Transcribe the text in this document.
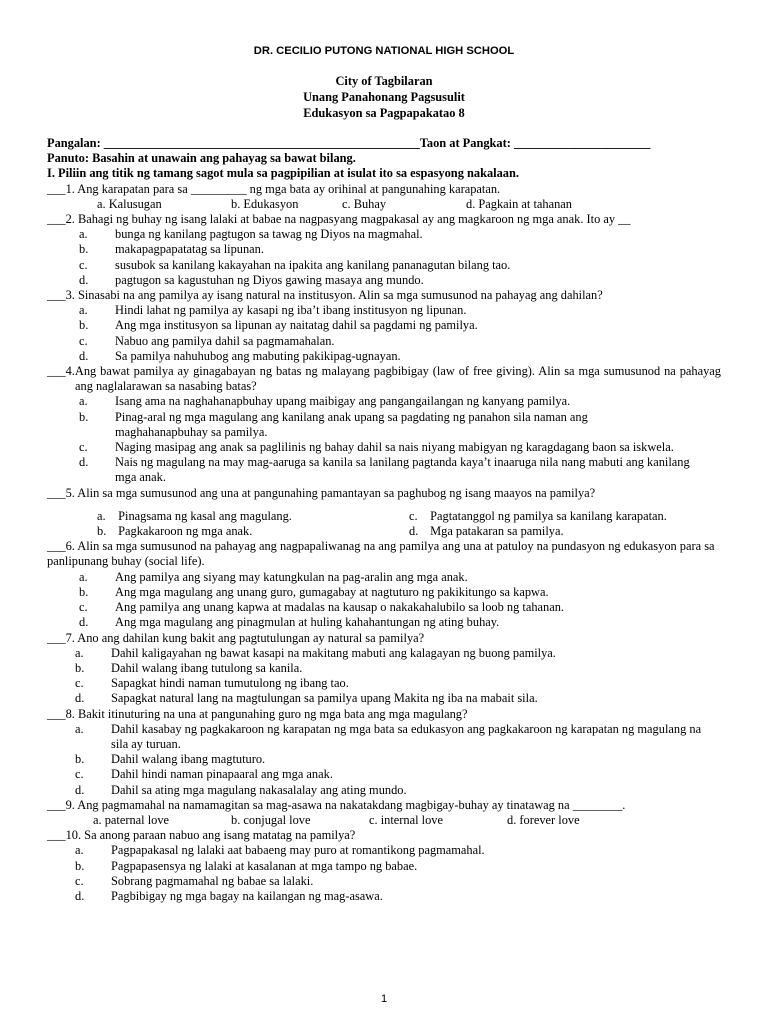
DR. CECILIO PUTONG NATIONAL HIGH SCHOOL
City of Tagbilaran
Unang Panahonang Pagsusulit
Edukasyon sa Pagpapakatao 8
Pangalan: ___________________________________________________Taon at Pangkat: ______________________
Panuto: Basahin at unawain ang pahayag sa bawat bilang.
I. Piliin ang titik ng tamang sagot mula sa pagpipilian at isulat ito sa espasyong nakalaan.
___1. Ang karapatan para sa _________ ng mga bata ay orihinal at pangunahing karapatan.
a. Kalusugan	b. Edukasyon	c. Buhay	d. Pagkain at tahanan
___2. Bahagi ng buhay ng isang lalaki at babae na nagpasyang magpakasal ay ang magkaroon ng mga anak. Ito ay __
a. bunga ng kanilang pagtugon sa tawag ng Diyos na magmahal.
b. makapagpapatatag sa lipunan.
c. susubok sa kanilang kakayahan na ipakita ang kanilang pananagutan bilang tao.
d. pagtugon sa kagustuhan ng Diyos gawing masaya ang mundo.
___3. Sinasabi na ang pamilya ay isang natural na institusyon. Alin sa mga sumusunod na pahayag ang dahilan?
a. Hindi lahat ng pamilya ay kasapi ng iba’t ibang institusyon ng lipunan.
b. Ang mga institusyon sa lipunan ay naitatag dahil sa pagdami ng pamilya.
c. Nabuo ang pamilya dahil sa pagmamahalan.
d. Sa pamilya nahuhubog ang mabuting pakikipag-ugnayan.
___4.Ang bawat pamilya ay ginagabayan ng batas ng malayang pagbibigay (law of free giving). Alin sa mga sumusunod na pahayag ang naglalarawan sa nasabing batas?
a. Isang ama na naghahanapbuhay upang maibigay ang pangangailangan ng kanyang pamilya.
b. Pinag-aral ng mga magulang ang kanilang anak upang sa pagdating ng panahon sila naman ang maghahanapbuhay sa pamilya.
c. Naging masipag ang anak sa paglilinis ng bahay dahil sa nais niyang mabigyan ng karagdagang baon sa iskwela.
d. Nais ng magulang na may mag-aaruga sa kanila sa lanilang pagtanda kaya’t inaaruga nila nang mabuti ang kanilang mga anak.
___5. Alin sa mga sumusunod ang una at pangunahing pamantayan sa paghubog ng isang maayos na pamilya?
a. Pinagsama ng kasal ang magulang.	c. Pagtatanggol ng pamilya sa kanilang karapatan.
b. Pagkakaroon ng mga anak.	d. Mga patakaran sa pamilya.
___6. Alin sa mga sumusunod na pahayag ang nagpapaliwanag na ang pamilya ang una at patuloy na pundasyon ng edukasyon para sa panlipunang buhay (social life).
a. Ang pamilya ang siyang may katungkulan na pag-aralin ang mga anak.
b. Ang mga magulang ang unang guro, gumagabay at nagtuturo ng pakikitungo sa kapwa.
c. Ang pamilya ang unang kapwa at madalas na kausap o nakakahalubilo sa loob ng tahanan.
d. Ang mga magulang ang pinagmulan at huling kahahantungan ng ating buhay.
___7. Ano ang dahilan kung bakit ang pagtutulungan ay natural sa pamilya?
a. Dahil kaligayahan ng bawat kasapi na makitang mabuti ang kalagayan ng buong pamilya.
b. Dahil walang ibang tutulong sa kanila.
c. Sapagkat hindi naman tumutulong ng ibang tao.
d. Sapagkat natural lang na magtulungan sa pamilya upang Makita ng iba na mabait sila.
___8. Bakit itinuturing na una at pangunahing guro ng mga bata ang mga magulang?
a. Dahil kasabay ng pagkakaroon ng karapatan ng mga bata sa edukasyon ang pagkakaroon ng karapatan ng magulang na sila ay turuan.
b. Dahil walang ibang magtuturo.
c. Dahil hindi naman pinapaaral ang mga anak.
d. Dahil sa ating mga magulang nakasalalay ang ating mundo.
___9. Ang pagmamahal na namamagitan sa mag-asawa na nakatakdang magbigay-buhay ay tinatawag na ________.
a. paternal love	b. conjugal love	c. internal love	d. forever love
___10. Sa anong paraan nabuo ang isang matatag na pamilya?
a. Pagpapakasal ng lalaki aat babaeng may puro at romantikong pagmamahal.
b. Pagpapasensya ng lalaki at kasalanan at mga tampo ng babae.
c. Sobrang pagmamahal ng babae sa lalaki.
d. Pagbibigay ng mga bagay na kailangan ng mag-asawa.
1
